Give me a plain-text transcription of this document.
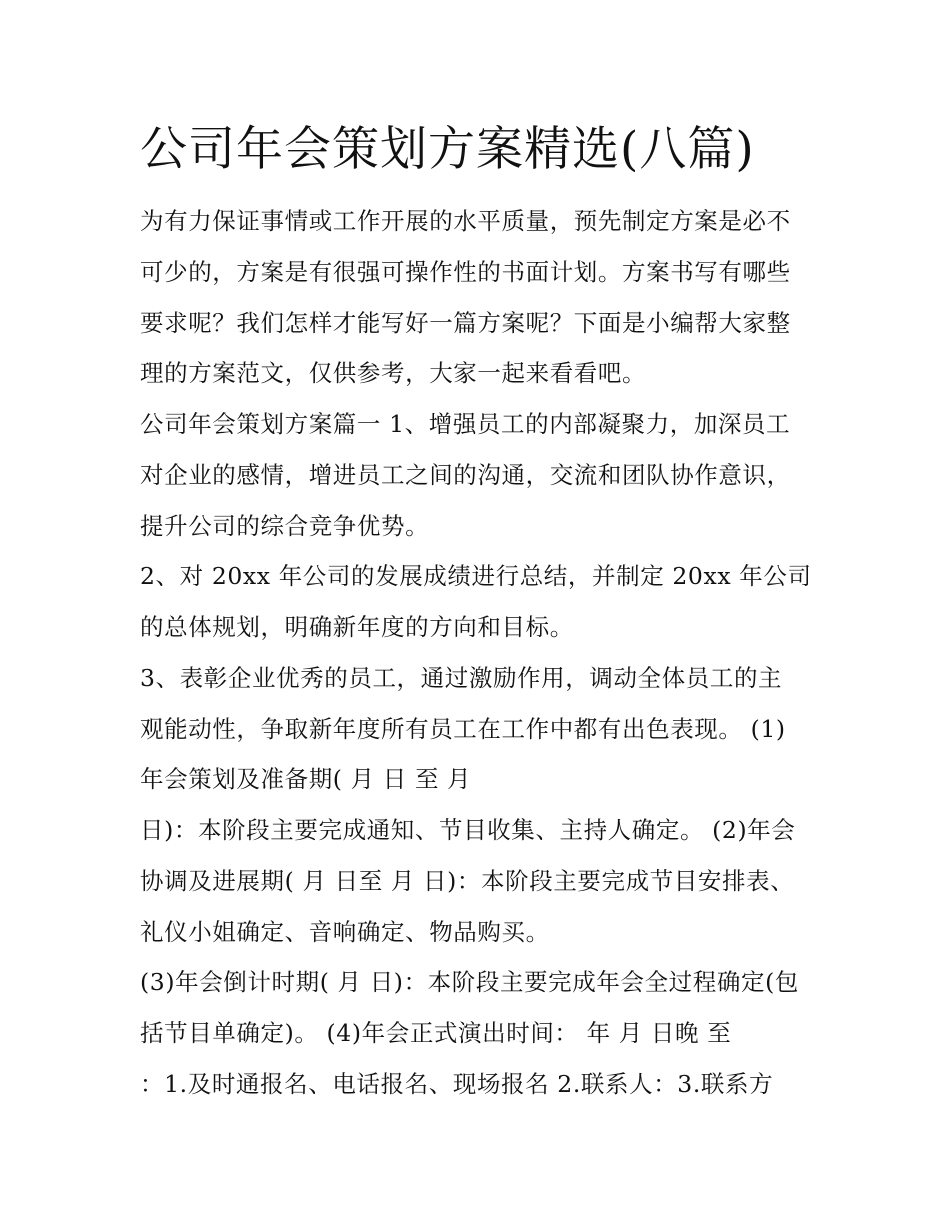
公司年会策划方案精选(八篇)
为有力保证事情或工作开展的水平质量，预先制定方案是必不
可少的，方案是有很强可操作性的书面计划。方案书写有哪些
要求呢？我们怎样才能写好一篇方案呢？下面是小编帮大家整
理的方案范文，仅供参考，大家一起来看看吧。
公司年会策划方案篇一 1、增强员工的内部凝聚力，加深员工
对企业的感情，增进员工之间的沟通，交流和团队协作意识，
提升公司的综合竞争优势。
2、对 20xx 年公司的发展成绩进行总结，并制定 20xx 年公司
的总体规划，明确新年度的方向和目标。
3、表彰企业优秀的员工，通过激励作用，调动全体员工的主
观能动性，争取新年度所有员工在工作中都有出色表现。 (1)
年会策划及准备期( 月 日 至 月
日)：本阶段主要完成通知、节目收集、主持人确定。 (2)年会
协调及进展期( 月 日至 月 日)：本阶段主要完成节目安排表、
礼仪小姐确定、音响确定、物品购买。
(3)年会倒计时期( 月 日)：本阶段主要完成年会全过程确定(包
括节目单确定)。 (4)年会正式演出时间： 年 月 日晚 至
：1.及时通报名、电话报名、现场报名 2.联系人：3.联系方
